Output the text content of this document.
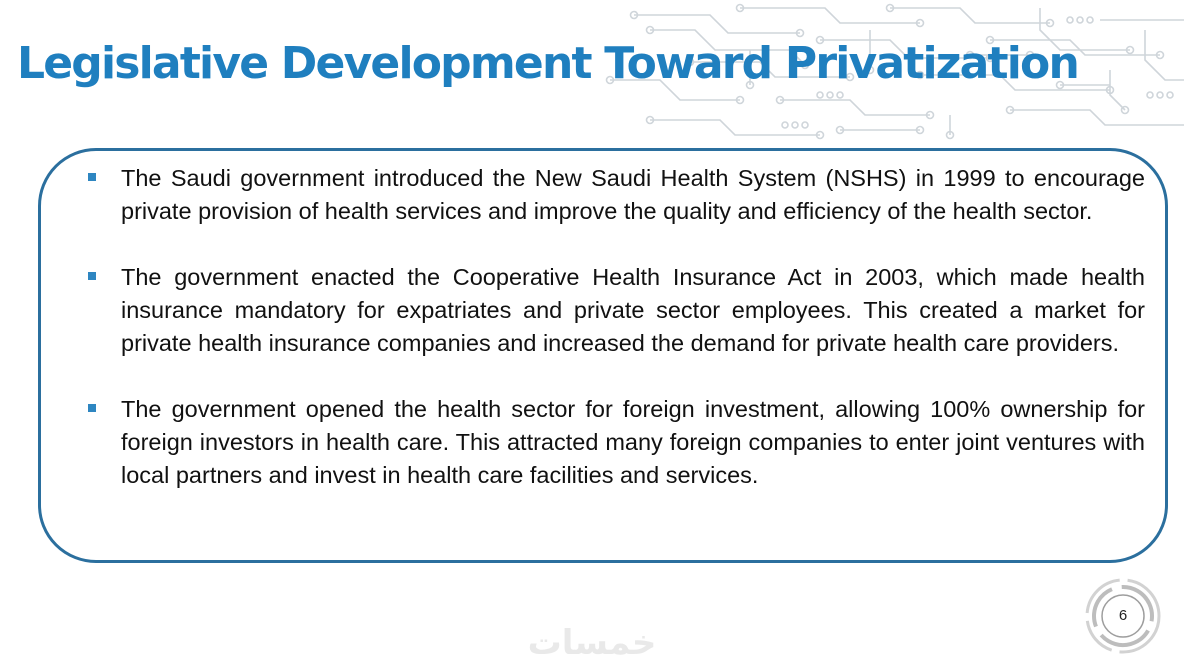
Legislative Development Toward Privatization
The Saudi government introduced the New Saudi Health System (NSHS) in 1999 to encourage private provision of health services and improve the quality and efficiency of the health sector.
The government enacted the Cooperative Health Insurance Act in 2003, which made health insurance mandatory for expatriates and private sector employees. This created a market for private health insurance companies and increased the demand for private health care providers.
The government opened the health sector for foreign investment, allowing 100% ownership for foreign investors in health care. This attracted many foreign companies to enter joint ventures with local partners and invest in health care facilities and services.
خمسات
6
